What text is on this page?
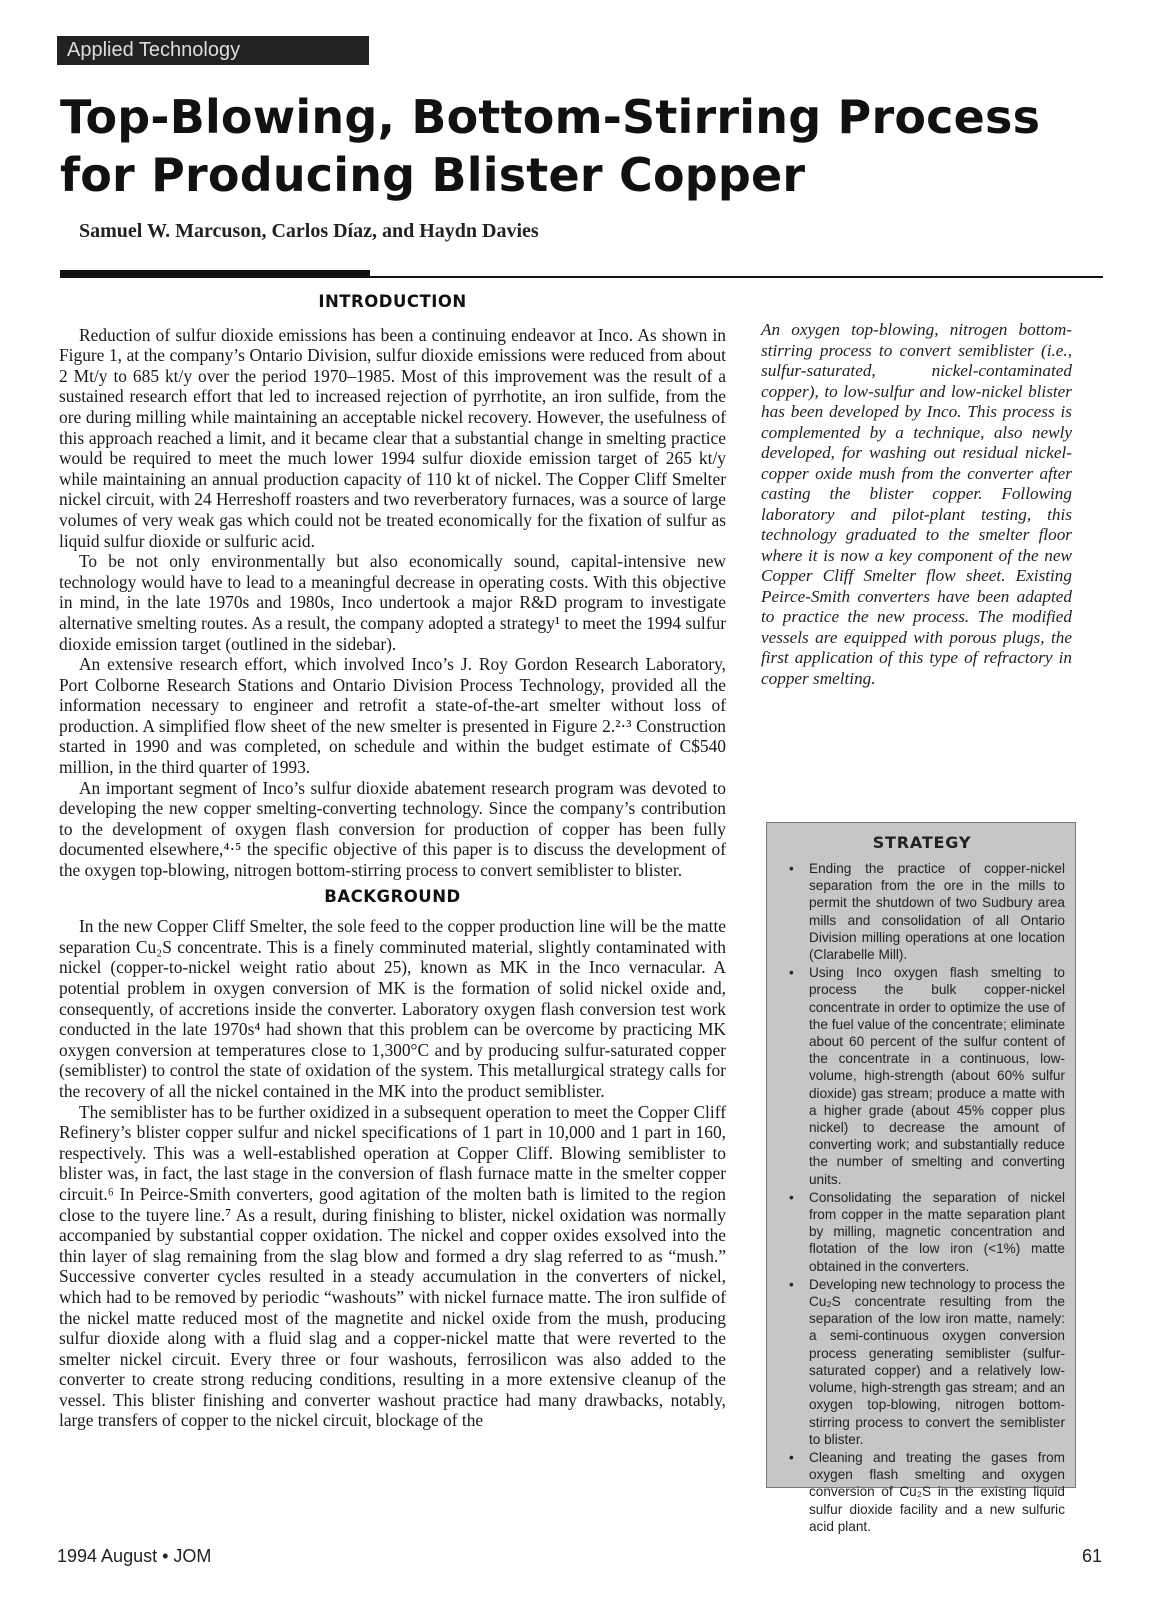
Applied Technology
Top-Blowing, Bottom-Stirring Process for Producing Blister Copper

Samuel W. Marcuson, Carlos Díaz, and Haydn Davies

INTRODUCTION

Reduction of sulfur dioxide emissions has been a continuing endeavor at Inco. As shown in Figure 1, at the company’s Ontario Division, sulfur dioxide emissions were reduced from about 2 Mt/y to 685 kt/y over the period 1970–1985. Most of this improvement was the result of a sustained research effort that led to increased rejection of pyrrhotite, an iron sulfide, from the ore during milling while maintaining an acceptable nickel recovery. However, the usefulness of this approach reached a limit, and it became clear that a substantial change in smelting practice would be required to meet the much lower 1994 sulfur dioxide emission target of 265 kt/y while maintaining an annual production capacity of 110 kt of nickel. The Copper Cliff Smelter nickel circuit, with 24 Herreshoff roasters and two reverberatory furnaces, was a source of large volumes of very weak gas which could not be treated economically for the fixation of sulfur as liquid sulfur dioxide or sulfuric acid.

To be not only environmentally but also economically sound, capital-intensive new technology would have to lead to a meaningful decrease in operating costs. With this objective in mind, in the late 1970s and 1980s, Inco undertook a major R&D program to investigate alternative smelting routes. As a result, the company adopted a strategy¹ to meet the 1994 sulfur dioxide emission target (outlined in the sidebar).

An extensive research effort, which involved Inco’s J. Roy Gordon Research Laboratory, Port Colborne Research Stations and Ontario Division Process Technology, provided all the information necessary to engineer and retrofit a state-of-the-art smelter without loss of production. A simplified flow sheet of the new smelter is presented in Figure 2.²·³ Construction started in 1990 and was completed, on schedule and within the budget estimate of C$540 million, in the third quarter of 1993.

An important segment of Inco’s sulfur dioxide abatement research program was devoted to developing the new copper smelting-converting technology. Since the company’s contribution to the development of oxygen flash conversion for production of copper has been fully documented elsewhere,⁴·⁵ the specific objective of this paper is to discuss the development of the oxygen top-blowing, nitrogen bottom-stirring process to convert semiblister to blister.

BACKGROUND

In the new Copper Cliff Smelter, the sole feed to the copper production line will be the matte separation Cu₂S concentrate. This is a finely comminuted material, slightly contaminated with nickel (copper-to-nickel weight ratio about 25), known as MK in the Inco vernacular. A potential problem in oxygen conversion of MK is the formation of solid nickel oxide and, consequently, of accretions inside the converter. Laboratory oxygen flash conversion test work conducted in the late 1970s⁴ had shown that this problem can be overcome by practicing MK oxygen conversion at temperatures close to 1,300°C and by producing sulfur-saturated copper (semiblister) to control the state of oxidation of the system. This metallurgical strategy calls for the recovery of all the nickel contained in the MK into the product semiblister.

The semiblister has to be further oxidized in a subsequent operation to meet the Copper Cliff Refinery’s blister copper sulfur and nickel specifications of 1 part in 10,000 and 1 part in 160, respectively. This was a well-established operation at Copper Cliff. Blowing semiblister to blister was, in fact, the last stage in the conversion of flash furnace matte in the smelter copper circuit.⁶ In Peirce-Smith converters, good agitation of the molten bath is limited to the region close to the tuyere line.⁷ As a result, during finishing to blister, nickel oxidation was normally accompanied by substantial copper oxidation. The nickel and copper oxides exsolved into the thin layer of slag remaining from the slag blow and formed a dry slag referred to as “mush.” Successive converter cycles resulted in a steady accumulation in the converters of nickel, which had to be removed by periodic “washouts” with nickel furnace matte. The iron sulfide of the nickel matte reduced most of the magnetite and nickel oxide from the mush, producing sulfur dioxide along with a fluid slag and a copper-nickel matte that were reverted to the smelter nickel circuit. Every three or four washouts, ferrosilicon was also added to the converter to create strong reducing conditions, resulting in a more extensive cleanup of the vessel. This blister finishing and converter washout practice had many drawbacks, notably, large transfers of copper to the nickel circuit, blockage of the

An oxygen top-blowing, nitrogen bottom-stirring process to convert semiblister (i.e., sulfur-saturated, nickel-contaminated copper), to low-sulfur and low-nickel blister has been developed by Inco. This process is complemented by a technique, also newly developed, for washing out residual nickel-copper oxide mush from the converter after casting the blister copper. Following laboratory and pilot-plant testing, this technology graduated to the smelter floor where it is now a key component of the new Copper Cliff Smelter flow sheet. Existing Peirce-Smith converters have been adapted to practice the new process. The modified vessels are equipped with porous plugs, the first application of this type of refractory in copper smelting.

STRATEGY
• Ending the practice of copper-nickel separation from the ore in the mills to permit the shutdown of two Sudbury area mills and consolidation of all Ontario Division milling operations at one location (Clarabelle Mill).
• Using Inco oxygen flash smelting to process the bulk copper-nickel concentrate in order to optimize the use of the fuel value of the concentrate; eliminate about 60 percent of the sulfur content of the concentrate in a continuous, low-volume, high-strength (about 60% sulfur dioxide) gas stream; produce a matte with a higher grade (about 45% copper plus nickel) to decrease the amount of converting work; and substantially reduce the number of smelting and converting units.
• Consolidating the separation of nickel from copper in the matte separation plant by milling, magnetic concentration and flotation of the low iron (<1%) matte obtained in the converters.
• Developing new technology to process the Cu₂S concentrate resulting from the separation of the low iron matte, namely: a semi-continuous oxygen conversion process generating semiblister (sulfur-saturated copper) and a relatively low-volume, high-strength gas stream; and an oxygen top-blowing, nitrogen bottom-stirring process to convert the semiblister to blister.
• Cleaning and treating the gases from oxygen flash smelting and oxygen conversion of Cu₂S in the existing liquid sulfur dioxide facility and a new sulfuric acid plant.

1994 August • JOM	61
